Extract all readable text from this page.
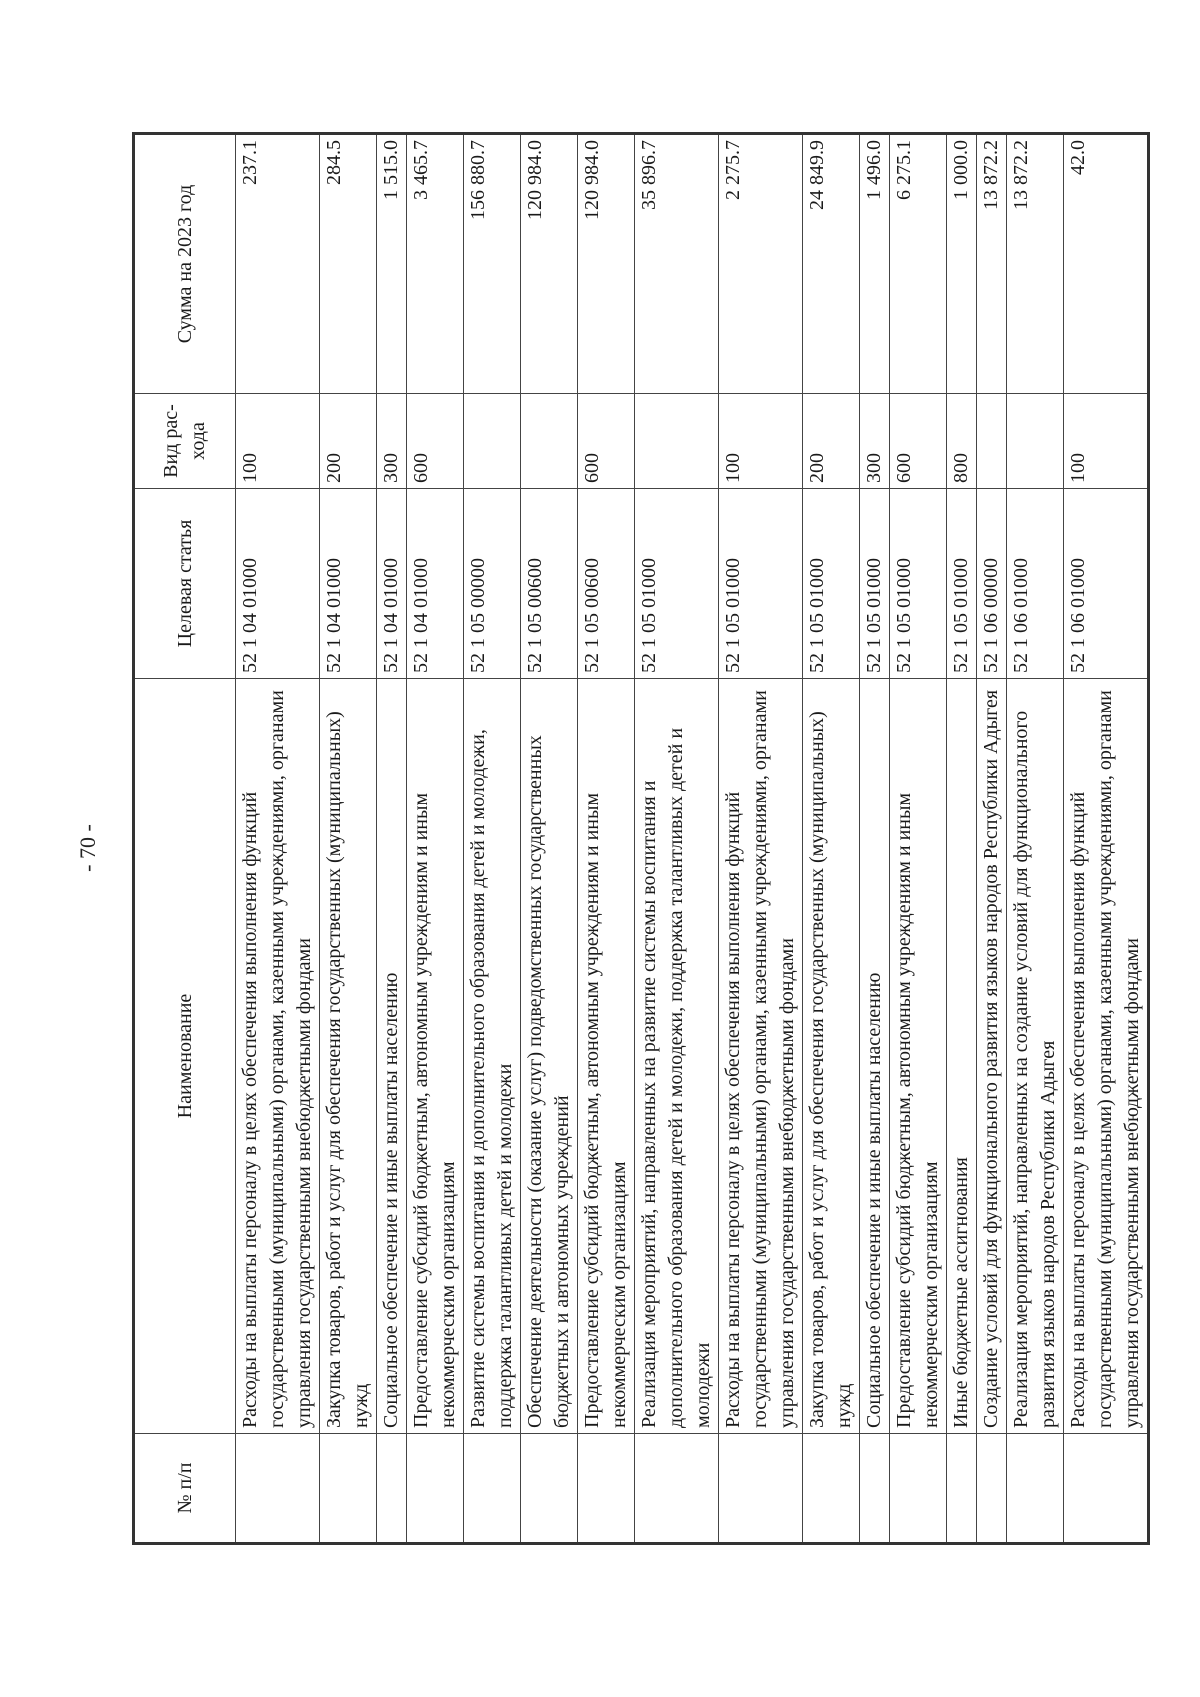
- 70 -
№ п/п	Наименование	Целевая статья	Вид рас- хода	Сумма на 2023 год
	Расходы на выплаты персоналу в целях обеспечения выполнения функций государственными (муниципальными) органами, казенными учреждениями, органами управления государственными внебюджетными фондами	52 1 04 01000	100	237.1
	Закупка товаров, работ и услуг для обеспечения государственных (муниципальных) нужд	52 1 04 01000	200	284.5
	Социальное обеспечение и иные выплаты населению	52 1 04 01000	300	1 515.0
	Предоставление субсидий бюджетным, автономным учреждениям и иным некоммерческим организациям	52 1 04 01000	600	3 465.7
	Развитие системы воспитания и дополнительного образования детей и молодежи, поддержка талантливых детей и молодежи	52 1 05 00000		156 880.7
	Обеспечение деятельности (оказание услуг) подведомственных государственных бюджетных и автономных учреждений	52 1 05 00600		120 984.0
	Предоставление субсидий бюджетным, автономным учреждениям и иным некоммерческим организациям	52 1 05 00600	600	120 984.0
	Реализация мероприятий, направленных на развитие системы воспитания и дополнительного образования детей и молодежи, поддержка талантливых детей и молодежи	52 1 05 01000		35 896.7
	Расходы на выплаты персоналу в целях обеспечения выполнения функций государственными (муниципальными) органами, казенными учреждениями, органами управления государственными внебюджетными фондами	52 1 05 01000	100	2 275.7
	Закупка товаров, работ и услуг для обеспечения государственных (муниципальных) нужд	52 1 05 01000	200	24 849.9
	Социальное обеспечение и иные выплаты населению	52 1 05 01000	300	1 496.0
	Предоставление субсидий бюджетным, автономным учреждениям и иным некоммерческим организациям	52 1 05 01000	600	6 275.1
	Иные бюджетные ассигнования	52 1 05 01000	800	1 000.0
	Создание условий для функционального развития языков народов Республики Адыгея	52 1 06 00000		13 872.2
	Реализация мероприятий, направленных на создание условий для функционального развития языков народов Республики Адыгея	52 1 06 01000		13 872.2
	Расходы на выплаты персоналу в целях обеспечения выполнения функций государственными (муниципальными) органами, казенными учреждениями, органами управления государственными внебюджетными фондами	52 1 06 01000	100	42.0
